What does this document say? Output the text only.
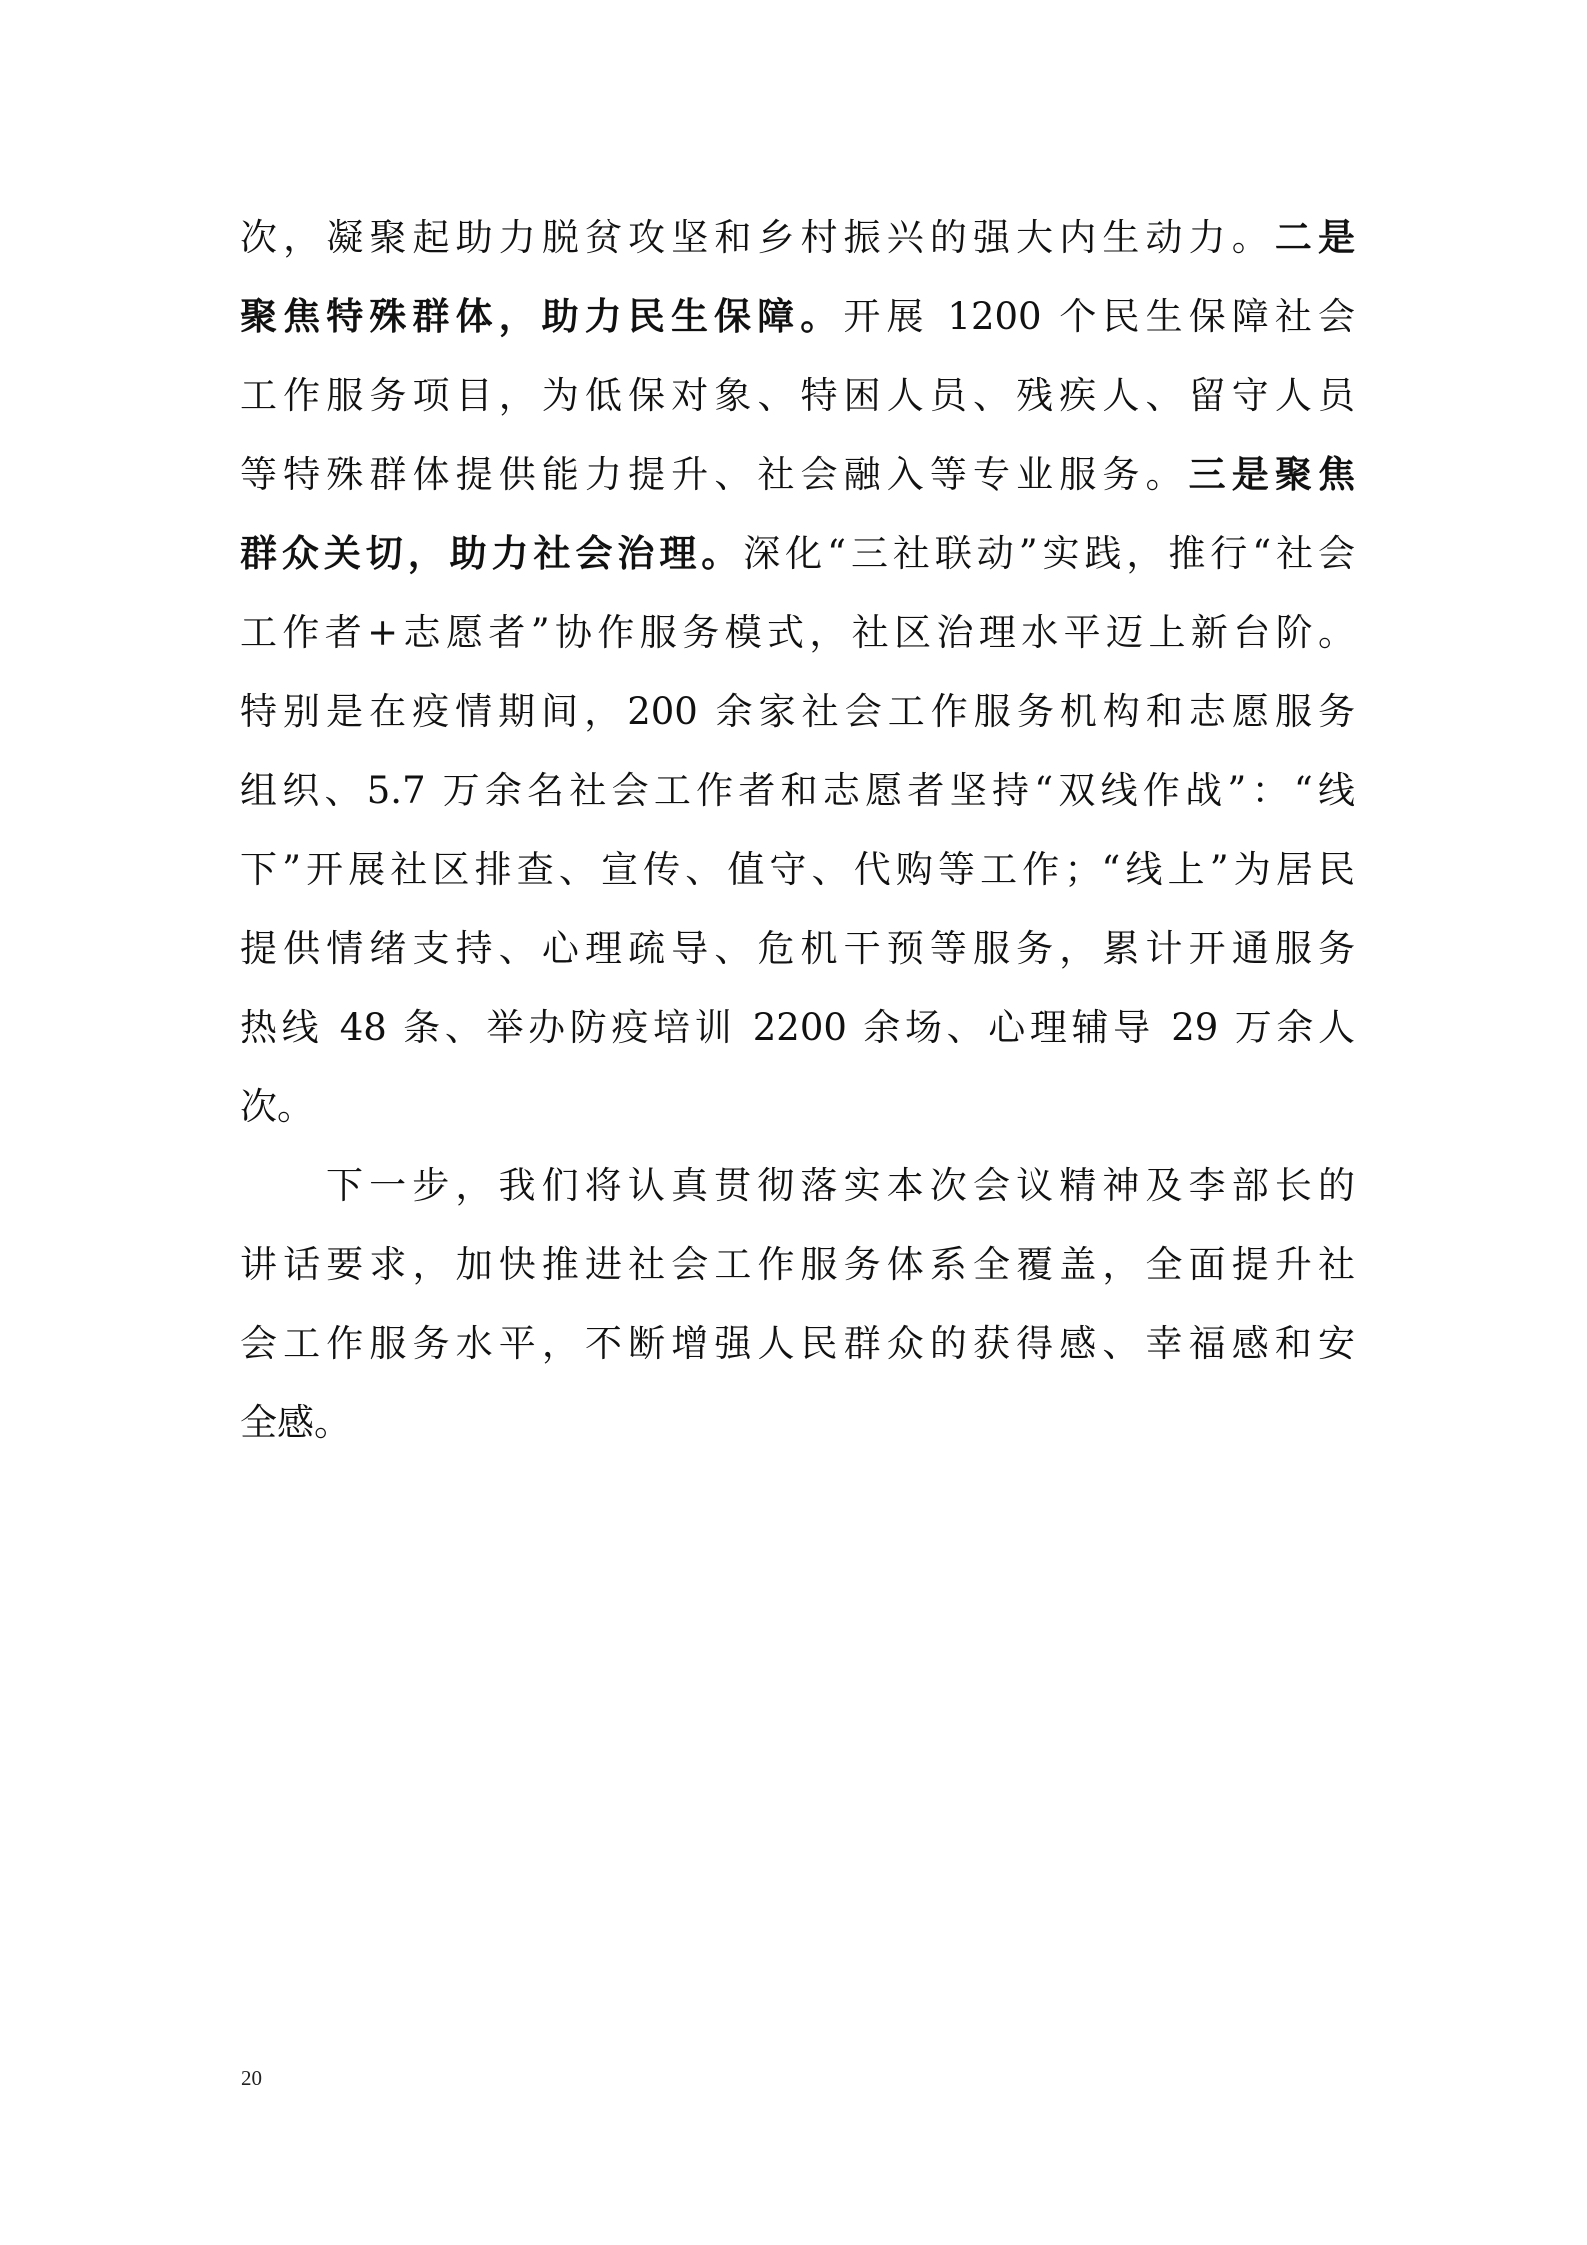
次，凝聚起助力脱贫攻坚和乡村振兴的强大内生动力。二是
聚焦特殊群体，助力民生保障。开展 1200 个民生保障社会
工作服务项目，为低保对象、特困人员、残疾人、留守人员
等特殊群体提供能力提升、社会融入等专业服务。三是聚焦
群众关切，助力社会治理。深化“三社联动”实践，推行“社会
工作者+志愿者”协作服务模式，社区治理水平迈上新台阶。
特别是在疫情期间，200 余家社会工作服务机构和志愿服务
组织、5.7 万余名社会工作者和志愿者坚持“双线作战”：“线
下”开展社区排查、宣传、值守、代购等工作；“线上”为居民
提供情绪支持、心理疏导、危机干预等服务，累计开通服务
热线 48 条、举办防疫培训 2200 余场、心理辅导 29 万余人
次。
下一步，我们将认真贯彻落实本次会议精神及李部长的
讲话要求，加快推进社会工作服务体系全覆盖，全面提升社
会工作服务水平，不断增强人民群众的获得感、幸福感和安
全感。
20
